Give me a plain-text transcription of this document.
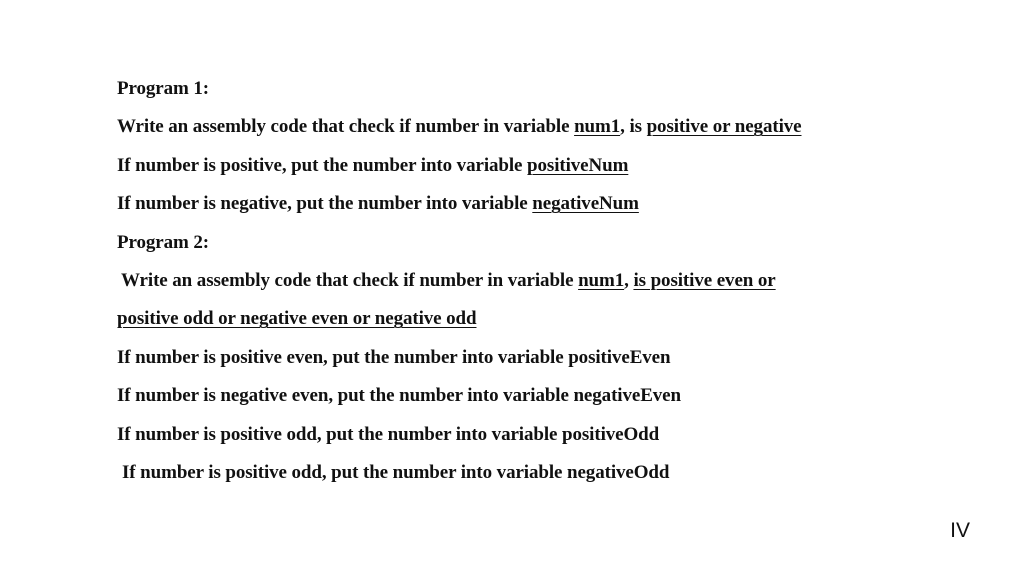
Program 1:
Write an assembly code that check if number in variable num1, is positive or negative
If number is positive, put the number into variable positiveNum
If number is negative, put the number into variable negativeNum
Program 2:
Write an assembly code that check if number in variable num1, is positive even or
positive odd or negative even or negative odd
If number is positive even, put the number into variable positiveEven
If number is negative even, put the number into variable negativeEven
If number is positive odd, put the number into variable positiveOdd
If number is positive odd, put the number into variable negativeOdd
IV
